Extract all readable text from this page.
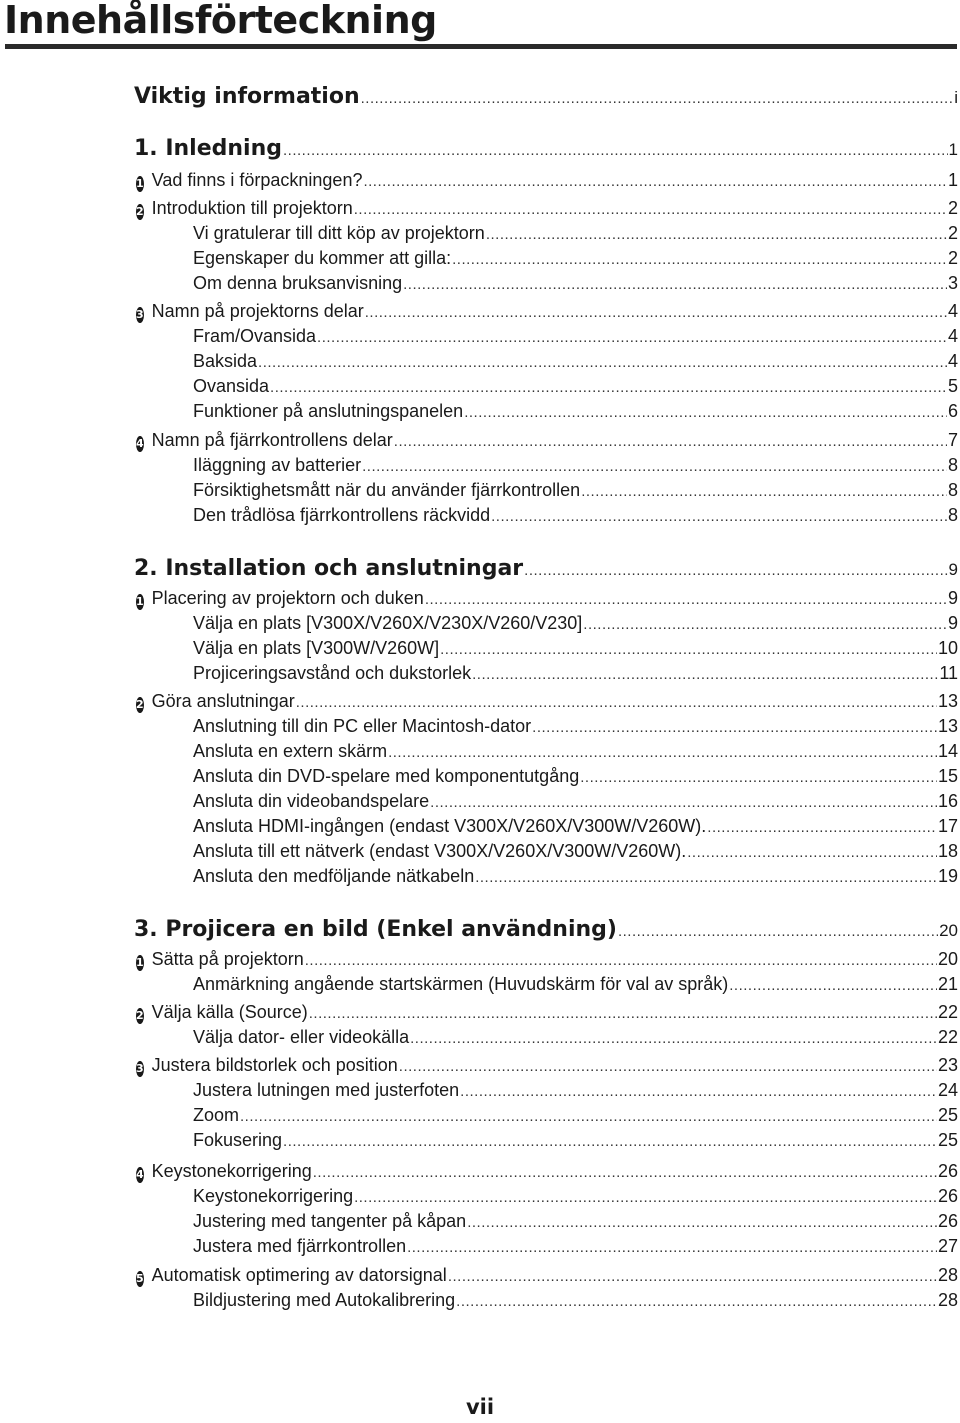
Innehållsförteckning
Viktig information .....	i
1. Inledning .....	1
1 Vad finns i förpackningen? .....	1
2 Introduktion till projektorn .....	2
Vi gratulerar till ditt köp av projektorn .....	2
Egenskaper du kommer att gilla: .....	2
Om denna bruksanvisning .....	3
3 Namn på projektorns delar .....	4
Fram/Ovansida .....	4
Baksida .....	4
Ovansida .....	5
Funktioner på anslutningspanelen .....	6
4 Namn på fjärrkontrollens delar .....	7
Iläggning av batterier .....	8
Försiktighetsmått när du använder fjärrkontrollen .....	8
Den trådlösa fjärrkontrollens räckvidd .....	8
2. Installation och anslutningar .....	9
1 Placering av projektorn och duken .....	9
Välja en plats [V300X/V260X/V230X/V260/V230] .....	9
Välja en plats [V300W/V260W] .....	10
Projiceringsavstånd och dukstorlek .....	11
2 Göra anslutningar .....	13
Anslutning till din PC eller Macintosh-dator .....	13
Ansluta en extern skärm .....	14
Ansluta din DVD-spelare med komponentutgång .....	15
Ansluta din videobandspelare .....	16
Ansluta HDMI-ingången (endast V300X/V260X/V300W/V260W). .....	17
Ansluta till ett nätverk (endast V300X/V260X/V300W/V260W). .....	18
Ansluta den medföljande nätkabeln .....	19
3. Projicera en bild (Enkel användning) .....	20
1 Sätta på projektorn .....	20
Anmärkning angående startskärmen (Huvudskärm för val av språk) .....	21
2 Välja källa (Source) .....	22
Välja dator- eller videokälla .....	22
3 Justera bildstorlek och position .....	23
Justera lutningen med justerfoten .....	24
Zoom .....	25
Fokusering .....	25
4 Keystonekorrigering .....	26
Keystonekorrigering .....	26
Justering med tangenter på kåpan .....	26
Justera med fjärrkontrollen .....	27
5 Automatisk optimering av datorsignal .....	28
Bildjustering med Autokalibrering .....	28
vii
